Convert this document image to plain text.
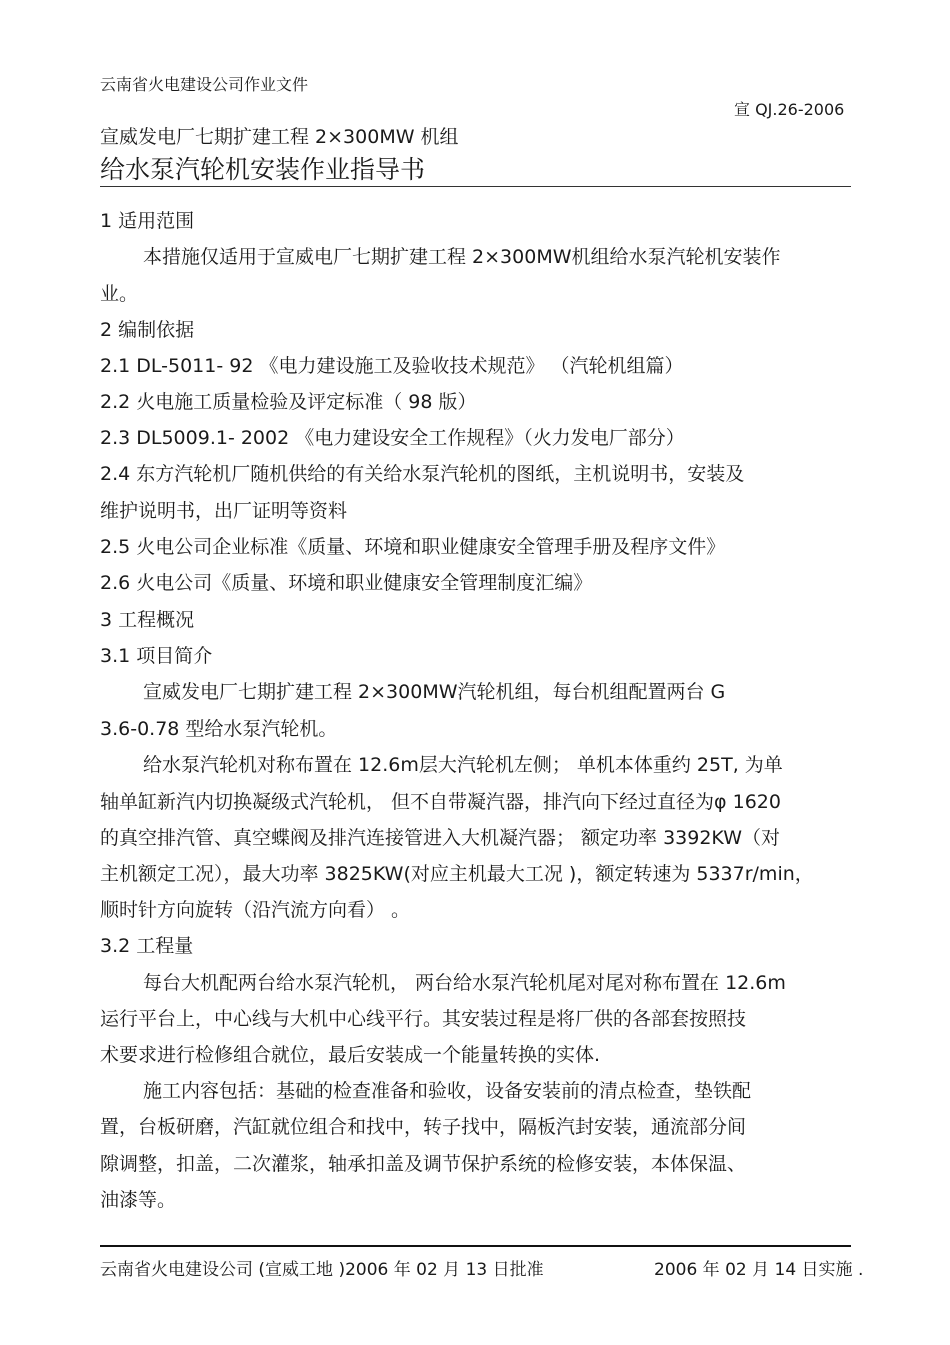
云南省火电建设公司作业文件
宣 QJ.26-2006
宣威发电厂七期扩建工程 2×300MW 机组
给水泵汽轮机安装作业指导书
1 适用范围
本措施仅适用于宣威电厂七期扩建工程 2×300MW机组给水泵汽轮机安装作
业。
2 编制依据
2.1 DL-5011- 92 《电力建设施工及验收技术规范》 （汽轮机组篇）
2.2 火电施工质量检验及评定标准（ 98 版）
2.3 DL5009.1- 2002 《电力建设安全工作规程》（火力发电厂部分）
2.4 东方汽轮机厂随机供给的有关给水泵汽轮机的图纸，主机说明书，安装及
维护说明书，出厂证明等资料
2.5 火电公司企业标准《质量、环境和职业健康安全管理手册及程序文件》
2.6 火电公司《质量、环境和职业健康安全管理制度汇编》
3 工程概况
3.1 项目简介
宣威发电厂七期扩建工程 2×300MW汽轮机组，每台机组配置两台 G
3.6-0.78 型给水泵汽轮机。
给水泵汽轮机对称布置在 12.6m层大汽轮机左侧； 单机本体重约 25T, 为单
轴单缸新汽内切换凝级式汽轮机， 但不自带凝汽器，排汽向下经过直径为φ 1620
的真空排汽管、真空蝶阀及排汽连接管进入大机凝汽器； 额定功率 3392KW（对
主机额定工况），最大功率 3825KW(对应主机最大工况 )，额定转速为 5337r/min，
顺时针方向旋转（沿汽流方向看） 。
3.2 工程量
每台大机配两台给水泵汽轮机， 两台给水泵汽轮机尾对尾对称布置在 12.6m
运行平台上，中心线与大机中心线平行。其安装过程是将厂供的各部套按照技
术要求进行检修组合就位，最后安装成一个能量转换的实体.
施工内容包括：基础的检查准备和验收，设备安装前的清点检查，垫铁配
置，台板研磨，汽缸就位组合和找中，转子找中，隔板汽封安装，通流部分间
隙调整，扣盖，二次灌浆，轴承扣盖及调节保护系统的检修安装，本体保温、
油漆等。
云南省火电建设公司 (宣威工地 )2006 年 02 月 13 日批准	2006 年 02 月 14 日实施 .
